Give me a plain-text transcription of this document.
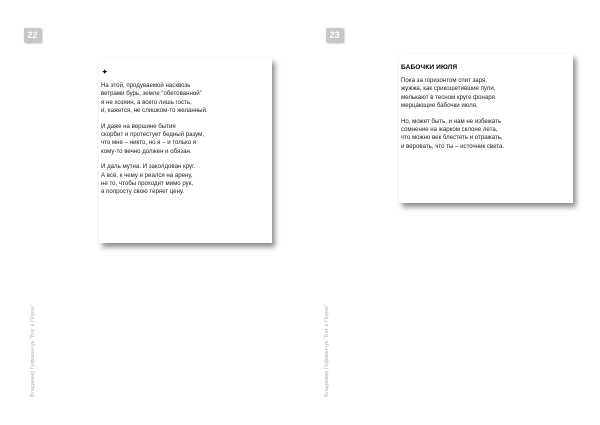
22
✦
На этой, продуваемой насквозь
ветрами бурь, земле “обетованной”
я не хозяин, а всего лишь гость,
и, кажется, не слишком-то желанный.
И даже на вершине бытия
скорбит и протестует бедный разум,
что мне – никто, но я – и только я
кому-то вечно должен и обязан.
И даль мутна. И заколдован круг.
А всё, к чему я реался на арену,
не то, чтобы проходит мимо рук,
а попросту свою теряет цену.
Владимир Гофманчук "Бог и Порок"
23
БАБОЧКИ ИЮЛЯ
Пока за горизонтом спит заря,
жужжа, как срикошетившие пули,
мелькают в тесном круге фонаря
мерцающие бабочки июля.
Но, может быть, и нам не избежать
сомнение на жарком склоне лета,
что можно век блестеть и отражать,
и веровать, что ты – источник света.
Владимир Гофманчук "Бог и Порок"
